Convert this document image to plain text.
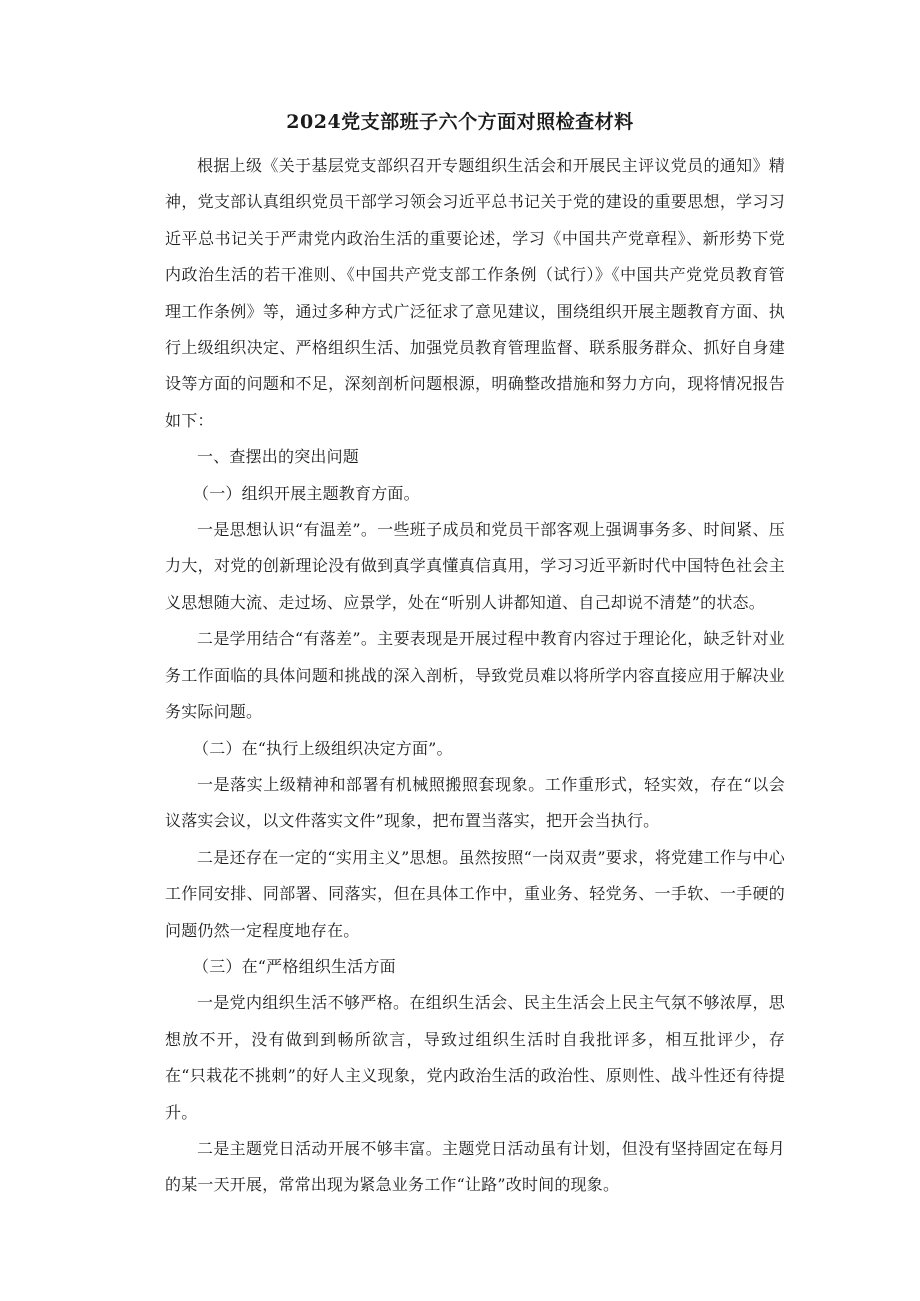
2024党支部班子六个方面对照检查材料

根据上级《关于基层党支部织召开专题组织生活会和开展民主评议党员的通知》精神，党支部认真组织党员干部学习领会习近平总书记关于党的建设的重要思想，学习习近平总书记关于严肃党内政治生活的重要论述，学习《中国共产党章程》、新形势下党内政治生活的若干准则、《中国共产党支部工作条例（试行）》《中国共产党党员教育管理工作条例》等，通过多种方式广泛征求了意见建议，围绕组织开展主题教育方面、执行上级组织决定、严格组织生活、加强党员教育管理监督、联系服务群众、抓好自身建设等方面的问题和不足，深刻剖析问题根源，明确整改措施和努力方向，现将情况报告如下：

一、查摆出的突出问题

（一）组织开展主题教育方面。

一是思想认识“有温差”。一些班子成员和党员干部客观上强调事务多、时间紧、压力大，对党的创新理论没有做到真学真懂真信真用，学习习近平新时代中国特色社会主义思想随大流、走过场、应景学，处在“听别人讲都知道、自己却说不清楚”的状态。

二是学用结合“有落差”。主要表现是开展过程中教育内容过于理论化，缺乏针对业务工作面临的具体问题和挑战的深入剖析，导致党员难以将所学内容直接应用于解决业务实际问题。

（二）在“执行上级组织决定方面”。

一是落实上级精神和部署有机械照搬照套现象。工作重形式，轻实效，存在“以会议落实会议，以文件落实文件”现象，把布置当落实，把开会当执行。

二是还存在一定的“实用主义”思想。虽然按照“一岗双责”要求，将党建工作与中心工作同安排、同部署、同落实，但在具体工作中，重业务、轻党务、一手软、一手硬的问题仍然一定程度地存在。

（三）在“严格组织生活方面

一是党内组织生活不够严格。在组织生活会、民主生活会上民主气氛不够浓厚，思想放不开，没有做到到畅所欲言，导致过组织生活时自我批评多，相互批评少，存在“只栽花不挑刺”的好人主义现象，党内政治生活的政治性、原则性、战斗性还有待提升。

二是主题党日活动开展不够丰富。主题党日活动虽有计划，但没有坚持固定在每月的某一天开展，常常出现为紧急业务工作“让路”改时间的现象。
